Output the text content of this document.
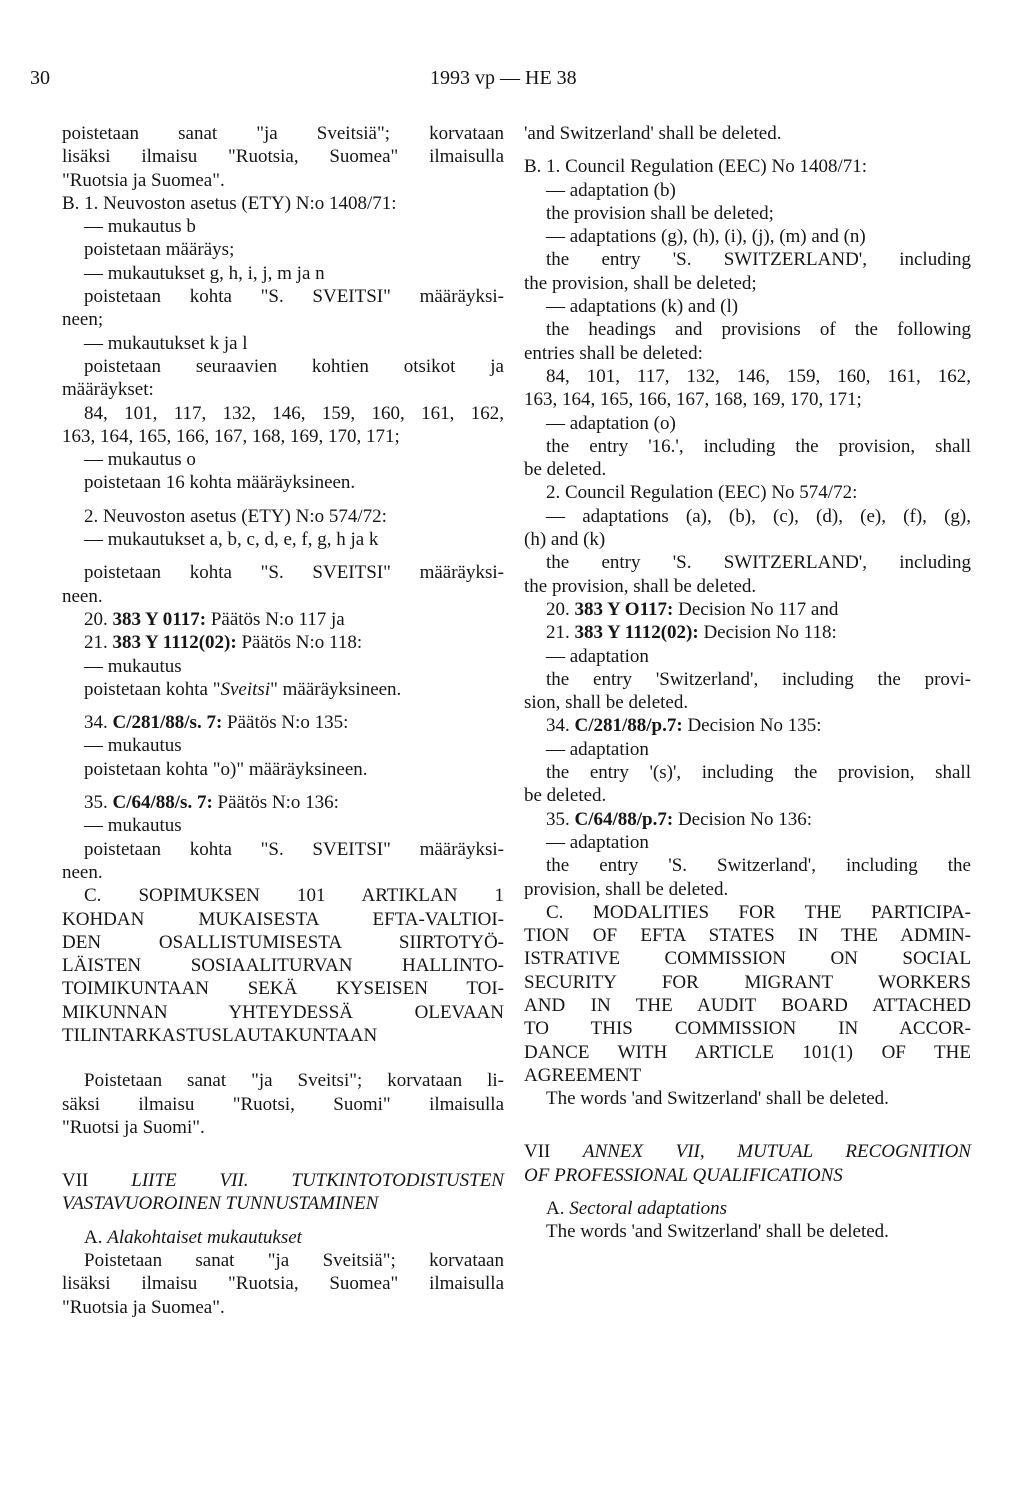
30	1993 vp — HE 38
poistetaan sanat "ja Sveitsiä"; korvataan
lisäksi ilmaisu "Ruotsia, Suomea" ilmaisulla
"Ruotsia ja Suomea".
B. 1. Neuvoston asetus (ETY) N:o 1408/71:
— mukautus b
poistetaan määräys;
— mukautukset g, h, i, j, m ja n
poistetaan kohta "S. SVEITSI" määräyksi-
neen;
— mukautukset k ja l
poistetaan seuraavien kohtien otsikot ja
määräykset:
84, 101, 117, 132, 146, 159, 160, 161, 162,
163, 164, 165, 166, 167, 168, 169, 170, 171;
— mukautus o
poistetaan 16 kohta määräyksineen.
2. Neuvoston asetus (ETY) N:o 574/72:
— mukautukset a, b, c, d, e, f, g, h ja k
poistetaan kohta "S. SVEITSI" määräyksi-
neen.
20. 383 Y 0117: Päätös N:o 117 ja
21. 383 Y 1112(02): Päätös N:o 118:
— mukautus
poistetaan kohta "Sveitsi" määräyksineen.
34. C/281/88/s. 7: Päätös N:o 135:
— mukautus
poistetaan kohta "o)" määräyksineen.
35. C/64/88/s. 7: Päätös N:o 136:
— mukautus
poistetaan kohta "S. SVEITSI" määräyksi-
neen.
C. SOPIMUKSEN 101 ARTIKLAN 1
KOHDAN MUKAISESTA EFTA-VALTIOI-
DEN OSALLISTUMISESTA SIIRTOTYÖ-
LÄISTEN SOSIAALITURVAN HALLINTO-
TOIMIKUNTAAN SEKÄ KYSEISEN TOI-
MIKUNNAN YHTEYDESSÄ OLEVAAN
TILINTARKASTUSLAUTAKUNTAAN
Poistetaan sanat "ja Sveitsi"; korvataan li-
säksi ilmaisu "Ruotsi, Suomi" ilmaisulla
"Ruotsi ja Suomi".
VII LIITE VII. TUTKINTOTODISTUSTEN
VASTAVUOROINEN TUNNUSTAMINEN
A. Alakohtaiset mukautukset
Poistetaan sanat "ja Sveitsiä"; korvataan
lisäksi ilmaisu "Ruotsia, Suomea" ilmaisulla
"Ruotsia ja Suomea".
'and Switzerland' shall be deleted.
B. 1. Council Regulation (EEC) No 1408/71:
— adaptation (b)
the provision shall be deleted;
— adaptations (g), (h), (i), (j), (m) and (n)
the entry 'S. SWITZERLAND', including
the provision, shall be deleted;
— adaptations (k) and (l)
the headings and provisions of the following
entries shall be deleted:
84, 101, 117, 132, 146, 159, 160, 161, 162,
163, 164, 165, 166, 167, 168, 169, 170, 171;
— adaptation (o)
the entry '16.', including the provision, shall
be deleted.
2. Council Regulation (EEC) No 574/72:
— adaptations (a), (b), (c), (d), (e), (f), (g),
(h) and (k)
the entry 'S. SWITZERLAND', including
the provision, shall be deleted.
20. 383 Y O117: Decision No 117 and
21. 383 Y 1112(02): Decision No 118:
— adaptation
the entry 'Switzerland', including the provi-
sion, shall be deleted.
34. C/281/88/p.7: Decision No 135:
— adaptation
the entry '(s)', including the provision, shall
be deleted.
35. C/64/88/p.7: Decision No 136:
— adaptation
the entry 'S. Switzerland', including the
provision, shall be deleted.
C. MODALITIES FOR THE PARTICIPA-
TION OF EFTA STATES IN THE ADMIN-
ISTRATIVE COMMISSION ON SOCIAL
SECURITY FOR MIGRANT WORKERS
AND IN THE AUDIT BOARD ATTACHED
TO THIS COMMISSION IN ACCOR-
DANCE WITH ARTICLE 101(1) OF THE
AGREEMENT
The words 'and Switzerland' shall be deleted.
VII ANNEX VII, MUTUAL RECOGNITION
OF PROFESSIONAL QUALIFICATIONS
A. Sectoral adaptations
The words 'and Switzerland' shall be deleted.
